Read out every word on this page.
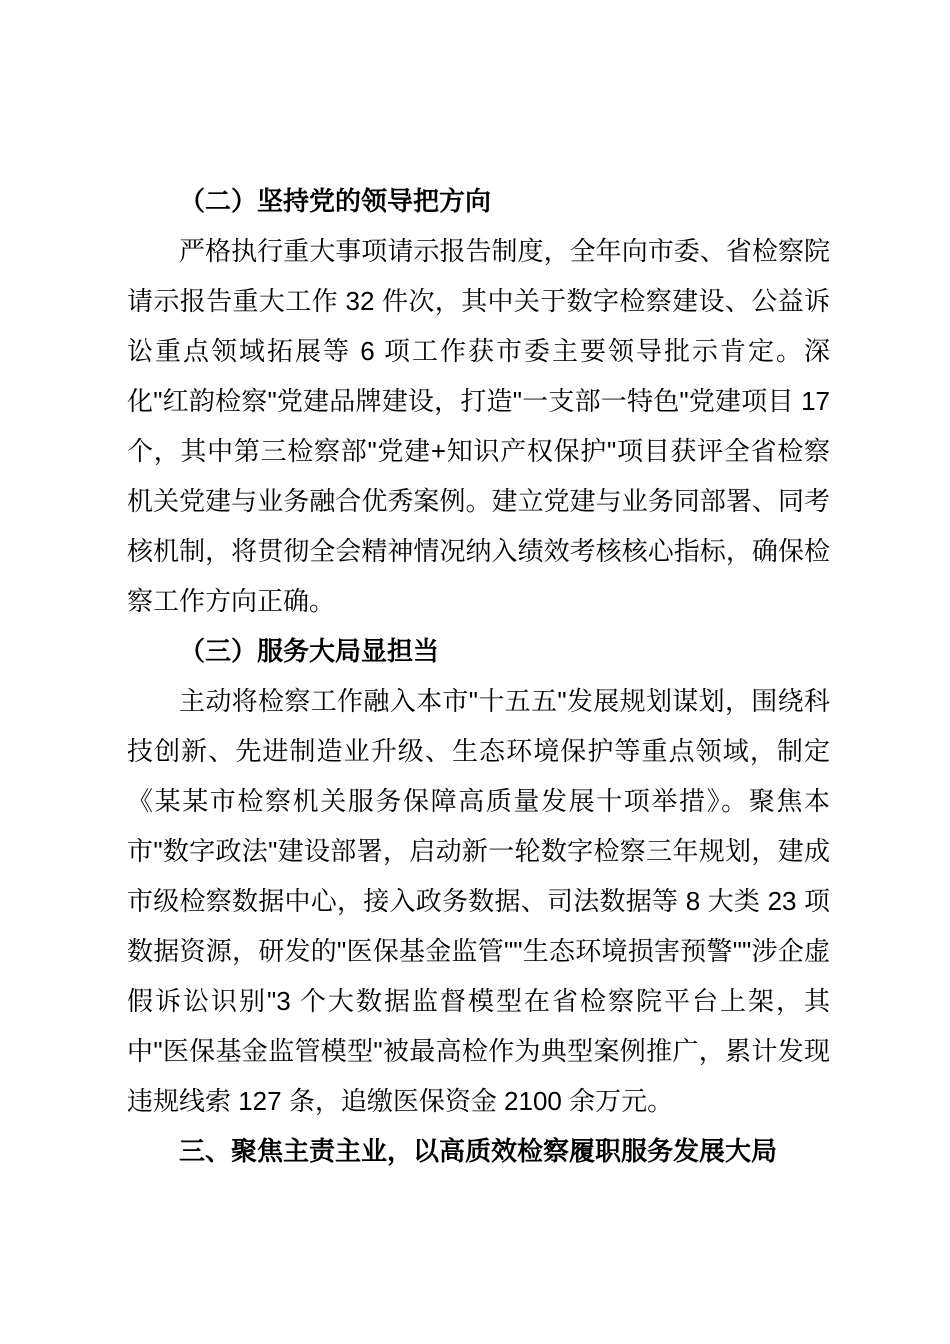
（二）坚持党的领导把方向

严格执行重大事项请示报告制度，全年向市委、省检察院请示报告重大工作 32 件次，其中关于数字检察建设、公益诉讼重点领域拓展等 6 项工作获市委主要领导批示肯定。深化"红韵检察"党建品牌建设，打造"一支部一特色"党建项目 17 个，其中第三检察部"党建+知识产权保护"项目获评全省检察机关党建与业务融合优秀案例。建立党建与业务同部署、同考核机制，将贯彻全会精神情况纳入绩效考核核心指标，确保检察工作方向正确。

（三）服务大局显担当

主动将检察工作融入本市"十五五"发展规划谋划，围绕科技创新、先进制造业升级、生态环境保护等重点领域，制定《某某市检察机关服务保障高质量发展十项举措》。聚焦本市"数字政法"建设部署，启动新一轮数字检察三年规划，建成市级检察数据中心，接入政务数据、司法数据等 8 大类 23 项数据资源，研发的"医保基金监管""生态环境损害预警""涉企虚假诉讼识别"3 个大数据监督模型在省检察院平台上架，其中"医保基金监管模型"被最高检作为典型案例推广，累计发现违规线索 127 条，追缴医保资金 2100 余万元。

三、聚焦主责主业，以高质效检察履职服务发展大局
